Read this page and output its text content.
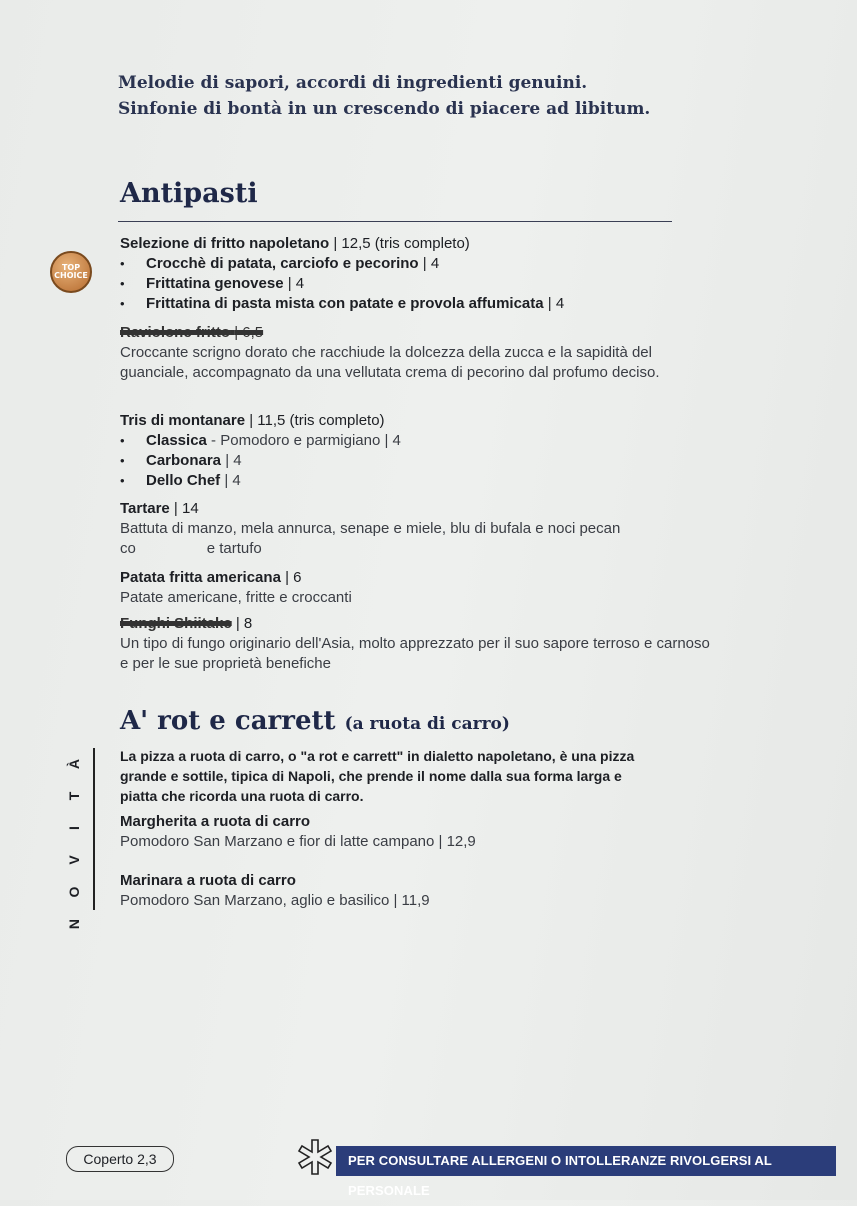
Melodie di sapori, accordi di ingredienti genuini.
Sinfonie di bontà in un crescendo di piacere ad libitum.
Antipasti
TOP
CHOICE
Selezione di fritto napoletano | 12,5 (tris completo)
• Crocchè di patata, carciofo e pecorino | 4
• Frittatina genovese | 4
• Frittatina di pasta mista con patate e provola affumicata | 4
Raviolone fritto | 6,5
Croccante scrigno dorato che racchiude la dolcezza della zucca e la sapidità del guanciale, accompagnato da una vellutata crema di pecorino dal profumo deciso.
Tris di montanare | 11,5 (tris completo)
• Classica - Pomodoro e parmigiano | 4
• Carbonara | 4
• Dello Chef | 4
Tartare | 14
Battuta di manzo, mela annurca, senape e miele, blu di bufala e noci pecan
co                 e tartufo
Patata fritta americana | 6
Patate americane, fritte e croccanti
Funghi Shiitake | 8
Un tipo di fungo originario dell'Asia, molto apprezzato per il suo sapore terroso e carnoso e per le sue proprietà benefiche
A' rot e carrett (a ruota di carro)
À
T
I
V
O
N
La pizza a ruota di carro, o "a rot e carrett" in dialetto napoletano, è una pizza grande e sottile, tipica di Napoli, che prende il nome dalla sua forma larga e piatta che ricorda una ruota di carro.
Margherita a ruota di carro
Pomodoro San Marzano e fior di latte campano | 12,9
Marinara a ruota di carro
Pomodoro San Marzano, aglio e basilico | 11,9
Coperto 2,3	PER CONSULTARE ALLERGENI O INTOLLERANZE RIVOLGERSI AL PERSONALE
